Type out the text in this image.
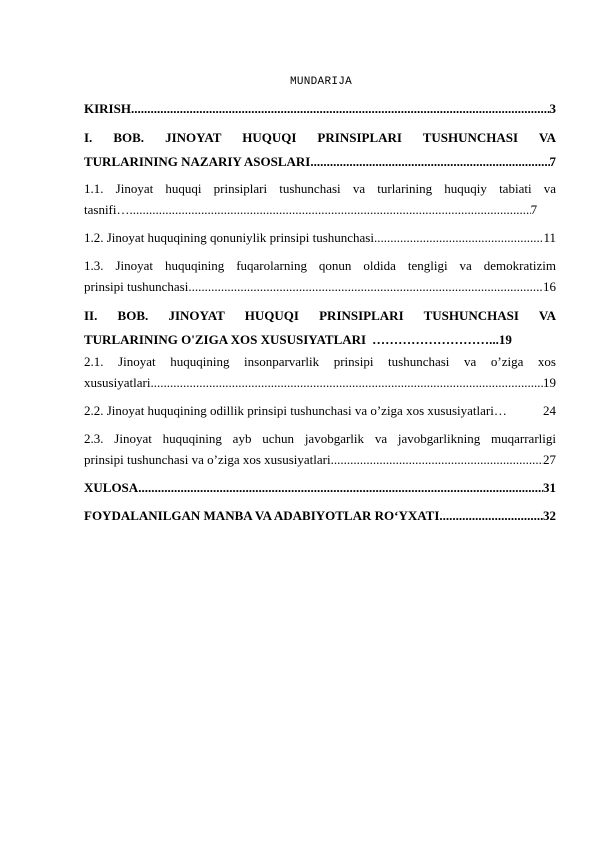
MUNDARIJA
KIRISH .....	3
I. BOB. JINOYAT HUQUQI PRINSIPLARI TUSHUNCHASI VA
TURLARINING NAZARIY ASOSLARI .....	7
1.1. Jinoyat huquqi prinsiplari tushunchasi va turlarining huquqiy tabiati va
tasnifi… .....	7
1.2. Jinoyat huquqining qonuniylik prinsipi tushunchasi .....	11
1.3. Jinoyat huquqining fuqarolarning qonun oldida tengligi va demokratizim
prinsipi tushunchasi .....	16
II. BOB. JINOYAT HUQUQI PRINSIPLARI TUSHUNCHASI VA
TURLARINING O'ZIGA XOS XUSUSIYATLARI ………………………. ..19
2.1. Jinoyat huquqining insonparvarlik prinsipi tushunchasi va o’ziga xos
xususiyatlari .....	19
2.2. Jinoyat huquqining odillik prinsipi tushunchasi va o’ziga xos xususiyatlari…	24
2.3. Jinoyat huquqining ayb uchun javobgarlik va javobgarlikning muqarrarligi
prinsipi tushunchasi va o’ziga xos xususiyatlari .....	27
XULOSA .....	31
FOYDALANILGAN MANBA VA ADABIYOTLAR RO‘YXATI .....	32
